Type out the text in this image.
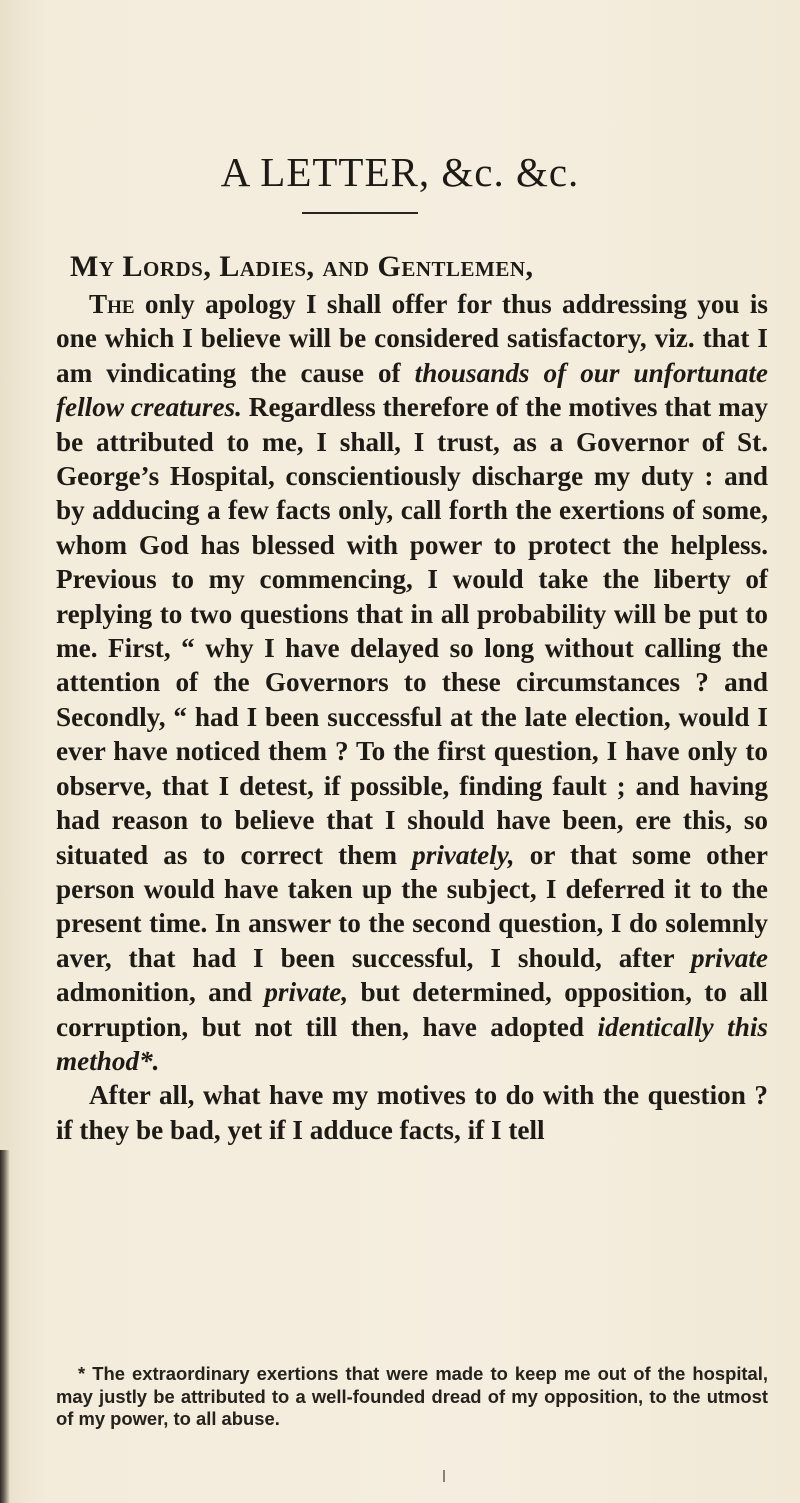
A LETTER, &c. &c.
My Lords, Ladies, and Gentlemen,

The only apology I shall offer for thus addressing you is one which I believe will be considered satisfactory, viz. that I am vindicating the cause of thousands of our unfortunate fellow creatures. Regardless therefore of the motives that may be attributed to me, I shall, I trust, as a Governor of St. George’s Hospital, conscientiously discharge my duty : and by adducing a few facts only, call forth the exertions of some, whom God has blessed with power to protect the helpless. Previous to my commencing, I would take the liberty of replying to two questions that in all probability will be put to me. First, “ why I have delayed so long without calling the attention of the Governors to these circumstances ? and Secondly, “ had I been successful at the late election, would I ever have noticed them ? To the first question, I have only to observe, that I detest, if possible, finding fault ; and having had reason to believe that I should have been, ere this, so situated as to correct them privately, or that some other person would have taken up the subject, I deferred it to the present time. In answer to the second question, I do solemnly aver, that had I been successful, I should, after private admonition, and private, but determined, opposition, to all corruption, but not till then, have adopted identically this method*.

After all, what have my motives to do with the question ? if they be bad, yet if I adduce facts, if I tell

* The extraordinary exertions that were made to keep me out of the hospital, may justly be attributed to a well-founded dread of my opposition, to the utmost of my power, to all abuse.
